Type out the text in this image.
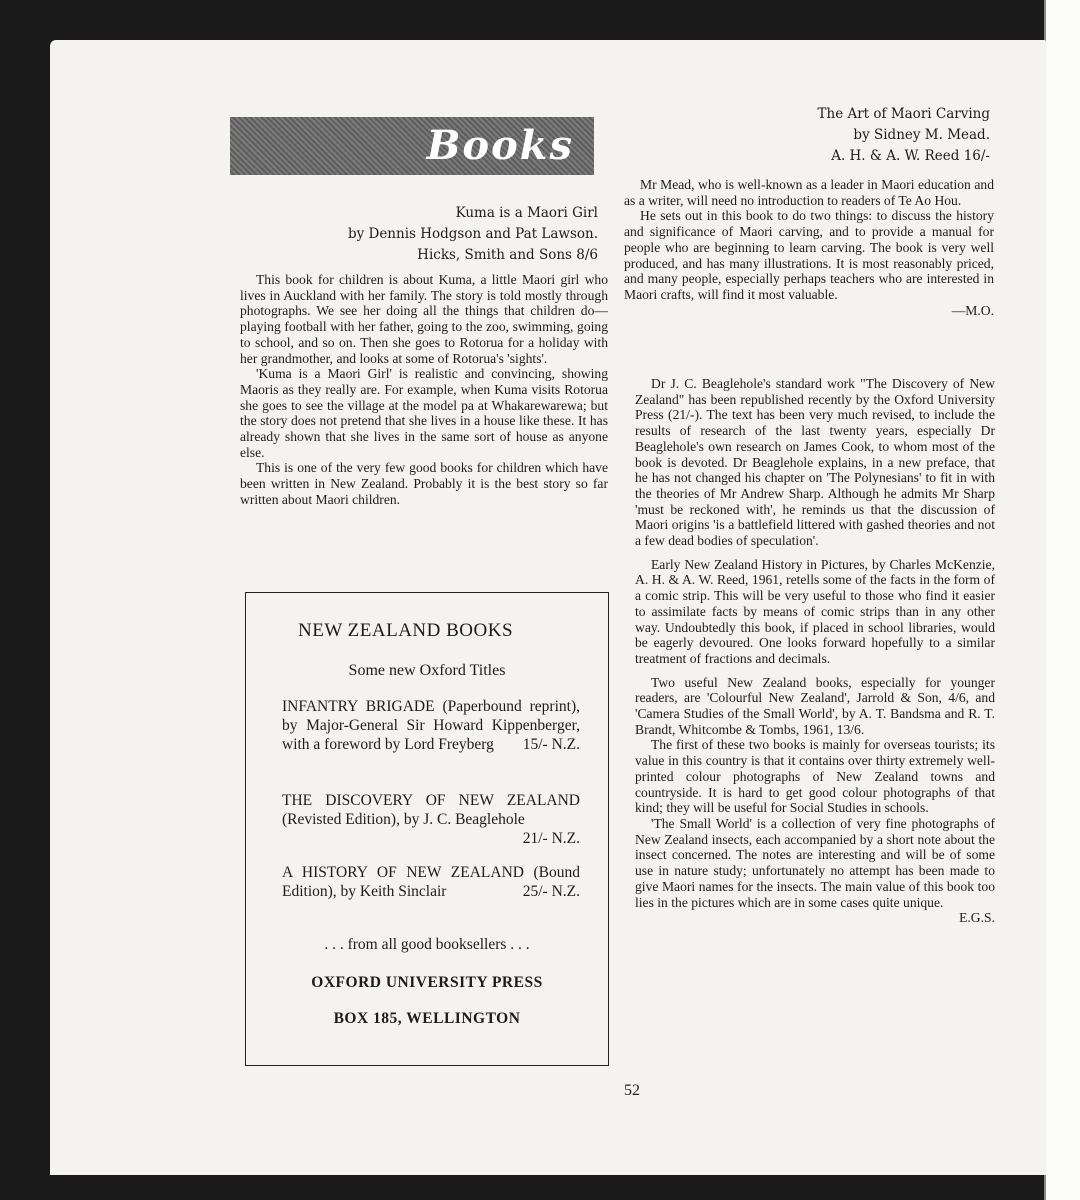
Books
Kuma is a Maori Girl
by Dennis Hodgson and Pat Lawson.
Hicks, Smith and Sons 8/6

This book for children is about Kuma, a little Maori girl who lives in Auckland with her family. The story is told mostly through photographs. We see her doing all the things that children do—playing football with her father, going to the zoo, swimming, going to school, and so on. Then she goes to Rotorua for a holiday with her grandmother, and looks at some of Rotorua's 'sights'.

'Kuma is a Maori Girl' is realistic and convincing, showing Maoris as they really are. For example, when Kuma visits Rotorua she goes to see the village at the model pa at Whakarewarewa; but the story does not pretend that she lives in a house like these. It has already shown that she lives in the same sort of house as anyone else.

This is one of the very few good books for children which have been written in New Zealand. Probably it is the best story so far written about Maori children.

NEW ZEALAND BOOKS
Some new Oxford Titles
INFANTRY BRIGADE (Paperbound reprint), by Major-General Sir Howard Kippenberger, with a foreword by Lord Freyberg 15/- N.Z.
THE DISCOVERY OF NEW ZEALAND (Revisted Edition), by J. C. Beaglehole
21/- N.Z.
A HISTORY OF NEW ZEALAND (Bound Edition), by Keith Sinclair	25/- N.Z.
. . . from all good booksellers . . .
OXFORD UNIVERSITY PRESS
BOX 185, WELLINGTON
The Art of Maori Carving
by Sidney M. Mead.
A. H. & A. W. Reed 16/-

Mr Mead, who is well-known as a leader in Maori education and as a writer, will need no introduction to readers of Te Ao Hou.

He sets out in this book to do two things: to discuss the history and significance of Maori carving, and to provide a manual for people who are beginning to learn carving. The book is very well produced, and has many illustrations. It is most reasonably priced, and many people, especially perhaps teachers who are interested in Maori crafts, will find it most valuable.

—M.O.

Dr J. C. Beaglehole's standard work "The Discovery of New Zealand" has been republished recently by the Oxford University Press (21/-). The text has been very much revised, to include the results of research of the last twenty years, especially Dr Beaglehole's own research on James Cook, to whom most of the book is devoted. Dr Beaglehole explains, in a new preface, that he has not changed his chapter on 'The Polynesians' to fit in with the theories of Mr Andrew Sharp. Although he admits Mr Sharp 'must be reckoned with', he reminds us that the discussion of Maori origins 'is a battlefield littered with gashed theories and not a few dead bodies of speculation'.

Early New Zealand History in Pictures, by Charles McKenzie, A. H. & A. W. Reed, 1961, retells some of the facts in the form of a comic strip. This will be very useful to those who find it easier to assimilate facts by means of comic strips than in any other way. Undoubtedly this book, if placed in school libraries, would be eagerly devoured. One looks forward hopefully to a similar treatment of fractions and decimals.

Two useful New Zealand books, especially for younger readers, are 'Colourful New Zealand', Jarrold & Son, 4/6, and 'Camera Studies of the Small World', by A. T. Bandsma and R. T. Brandt, Whitcombe & Tombs, 1961, 13/6.

The first of these two books is mainly for overseas tourists; its value in this country is that it contains over thirty extremely well-printed colour photographs of New Zealand towns and countryside. It is hard to get good colour photographs of that kind; they will be useful for Social Studies in schools.

'The Small World' is a collection of very fine photographs of New Zealand insects, each accompanied by a short note about the insect concerned. The notes are interesting and will be of some use in nature study; unfortunately no attempt has been made to give Maori names for the insects. The main value of this book too lies in the pictures which are in some cases quite unique.

E.G.S.

52
